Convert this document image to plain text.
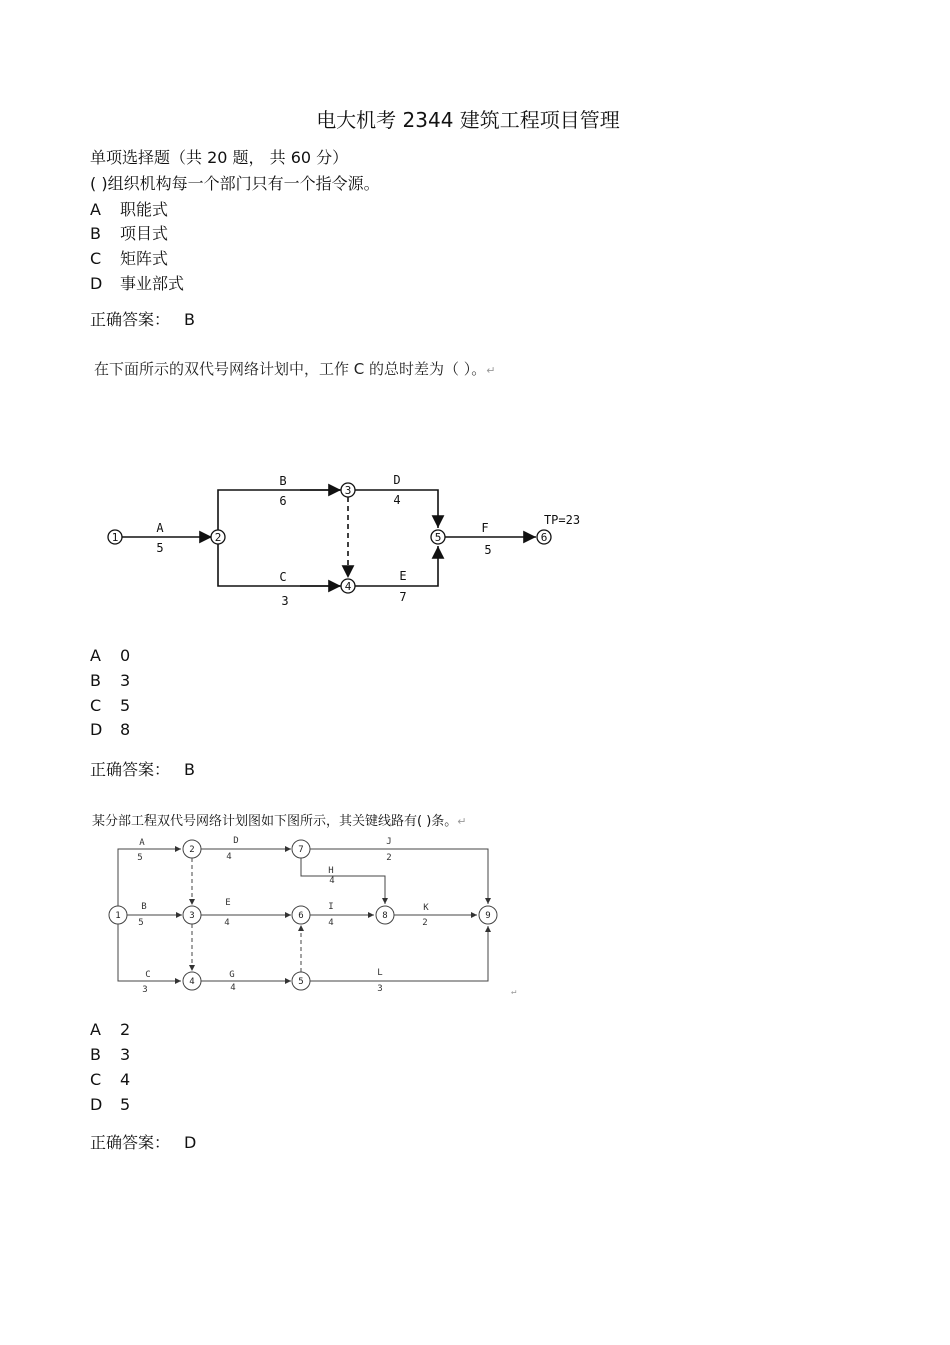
电大机考 2344 建筑工程项目管理
单项选择题（共 20 题， 共 60 分）
( )组织机构每一个部门只有一个指令源。
A 职能式
B 项目式
C 矩阵式
D 事业部式
正确答案： B
在下面所示的双代号网络计划中，工作 C 的总时差为（ ）。↵
1	2
3
4
5	6
A
5
B
6
C
3
D
4
E
7
F
5
TP=23
A 0
B 3
C 5
D 8
正确答案： B
某分部工程双代号网络计划图如下图所示，其关键线路有( )条。↵
1
2
3
4	5
6
7
8	9
A
5
B
5
C
3
D
4
E
4
G
4
H
4
I
4
J
2
K
2
L
3	↵
A 2
B 3
C 4
D 5
正确答案： D
